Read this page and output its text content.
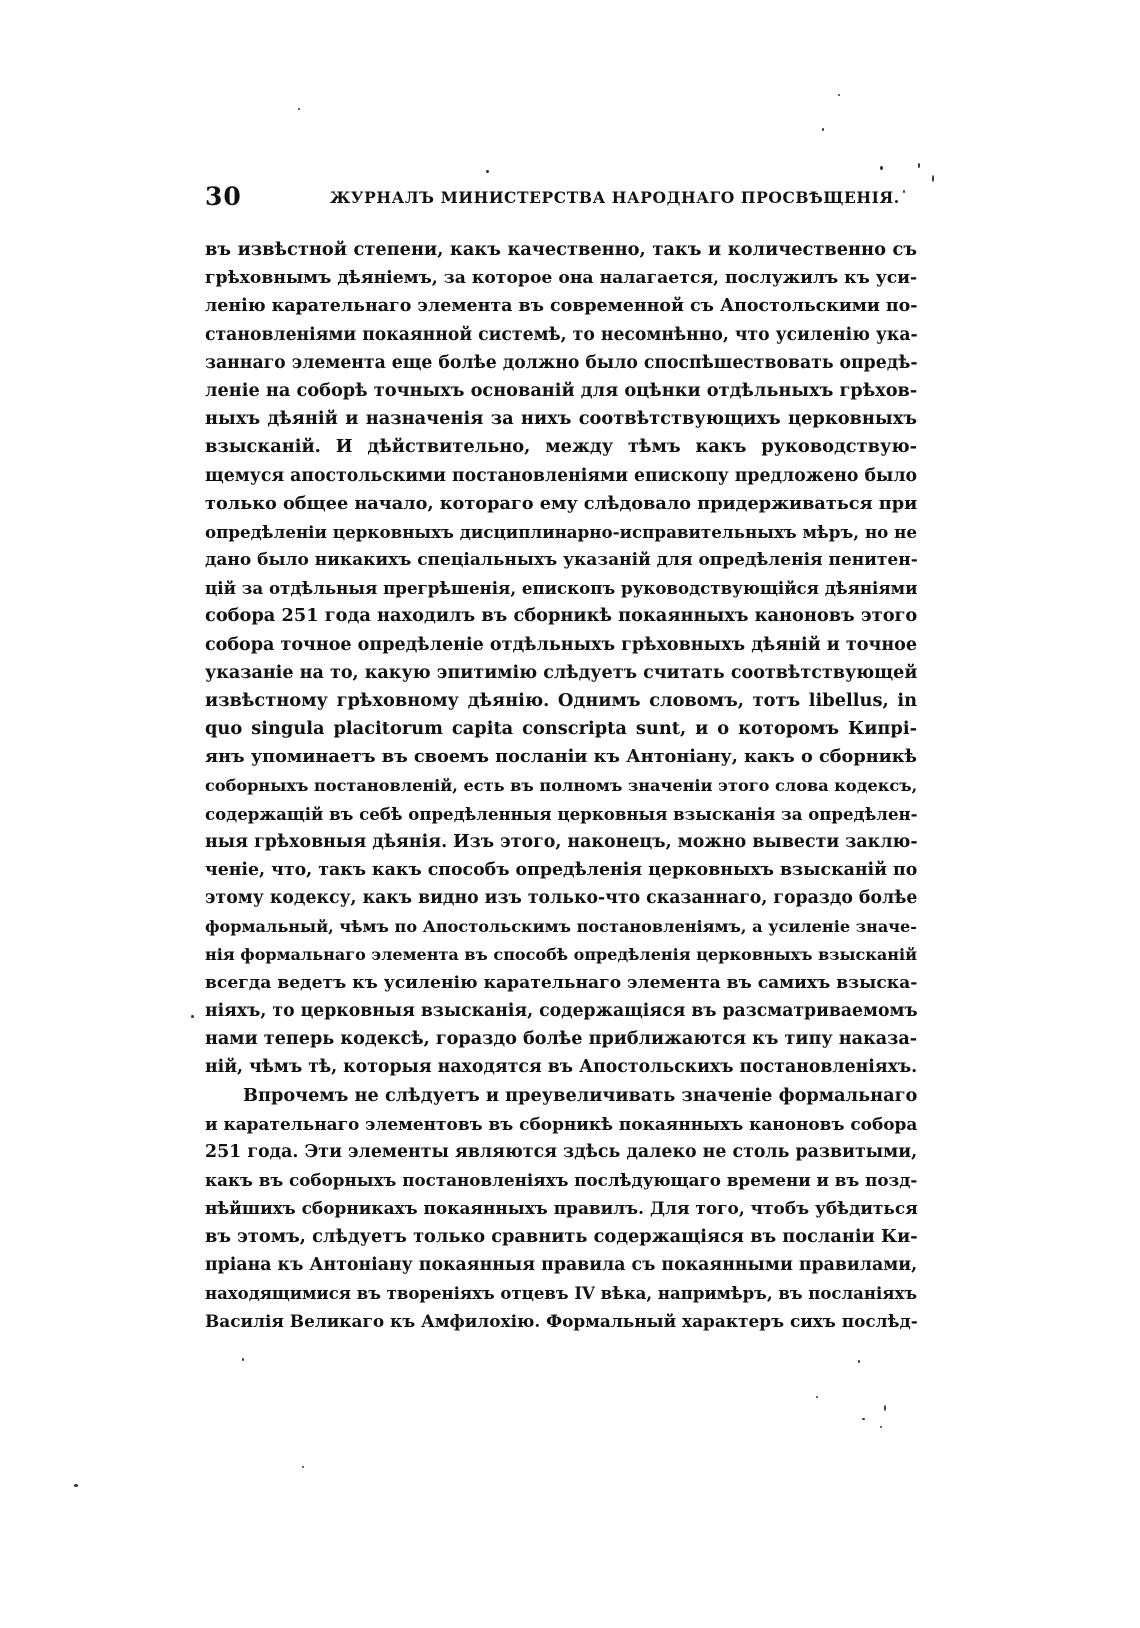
30	ЖУРНАЛЪ МИНИСТЕРСТВА НАРОДНАГО ПРОСВѢЩЕНІЯ.
въ извѣстной степени, какъ качественно, такъ и количественно съ
грѣховнымъ дѣяніемъ, за которое она налагается, послужилъ къ уси-
ленію карательнаго элемента въ современной съ Апостольскими по-
становленіями покаянной системѣ, то несомнѣнно, что усиленію ука-
заннаго элемента еще болѣе должно было споспѣшествовать опредѣ-
леніе на соборѣ точныхъ основаній для оцѣнки отдѣльныхъ грѣхов-
ныхъ дѣяній и назначенія за нихъ соотвѣтствующихъ церковныхъ
взысканій. И дѣйствительно, между тѣмъ какъ руководствую-
щемуся апостольскими постановленіями епископу предложено было
только общее начало, котораго ему слѣдовало придерживаться при
опредѣленіи церковныхъ дисциплинарно-исправительныхъ мѣръ, но не
дано было никакихъ спеціальныхъ указаній для опредѣленія пенитен-
цій за отдѣльныя прегрѣшенія, епископъ руководствующійся дѣяніями
собора 251 года находилъ въ сборникѣ покаянныхъ каноновъ этого
собора точное опредѣленіе отдѣльныхъ грѣховныхъ дѣяній и точное
указаніе на то, какую эпитимію слѣдуетъ считать соотвѣтствующей
извѣстному грѣховному дѣянію. Однимъ словомъ, тотъ libellus, in
quo singula placitorum capita conscripta sunt, и о которомъ Кипрі-
янъ упоминаетъ въ своемъ посланіи къ Антоніану, какъ о сборникѣ
соборныхъ постановленій, есть въ полномъ значеніи этого слова кодексъ,
содержащій въ себѣ опредѣленныя церковныя взысканія за опредѣлен-
ныя грѣховныя дѣянія. Изъ этого, наконецъ, можно вывести заклю-
ченіе, что, такъ какъ способъ опредѣленія церковныхъ взысканій по
этому кодексу, какъ видно изъ только-что сказаннаго, гораздо болѣе
формальный, чѣмъ по Апостольскимъ постановленіямъ, а усиленіе значе-
нія формальнаго элемента въ способѣ опредѣленія церковныхъ взысканій
всегда ведетъ къ усиленію карательнаго элемента въ самихъ взыска-
ніяхъ, то церковныя взысканія, содержащіяся въ разсматриваемомъ
нами теперь кодексѣ, гораздо болѣе приближаются къ типу наказа-
ній, чѣмъ тѣ, которыя находятся въ Апостольскихъ постановленіяхъ.
Впрочемъ не слѣдуетъ и преувеличивать значеніе формальнаго
и карательнаго элементовъ въ сборникѣ покаянныхъ каноновъ собора
251 года. Эти элементы являются здѣсь далеко не столь развитыми,
какъ въ соборныхъ постановленіяхъ послѣдующаго времени и въ позд-
нѣйшихъ сборникахъ покаянныхъ правилъ. Для того, чтобъ убѣдиться
въ этомъ, слѣдуетъ только сравнить содержащіяся въ посланіи Ки-
пріана къ Антоніану покаянныя правила съ покаянными правилами,
находящимися въ твореніяхъ отцевъ IV вѣка, напримѣръ, въ посланіяхъ
Василія Великаго къ Амфилохію. Формальный характеръ сихъ послѣд-
